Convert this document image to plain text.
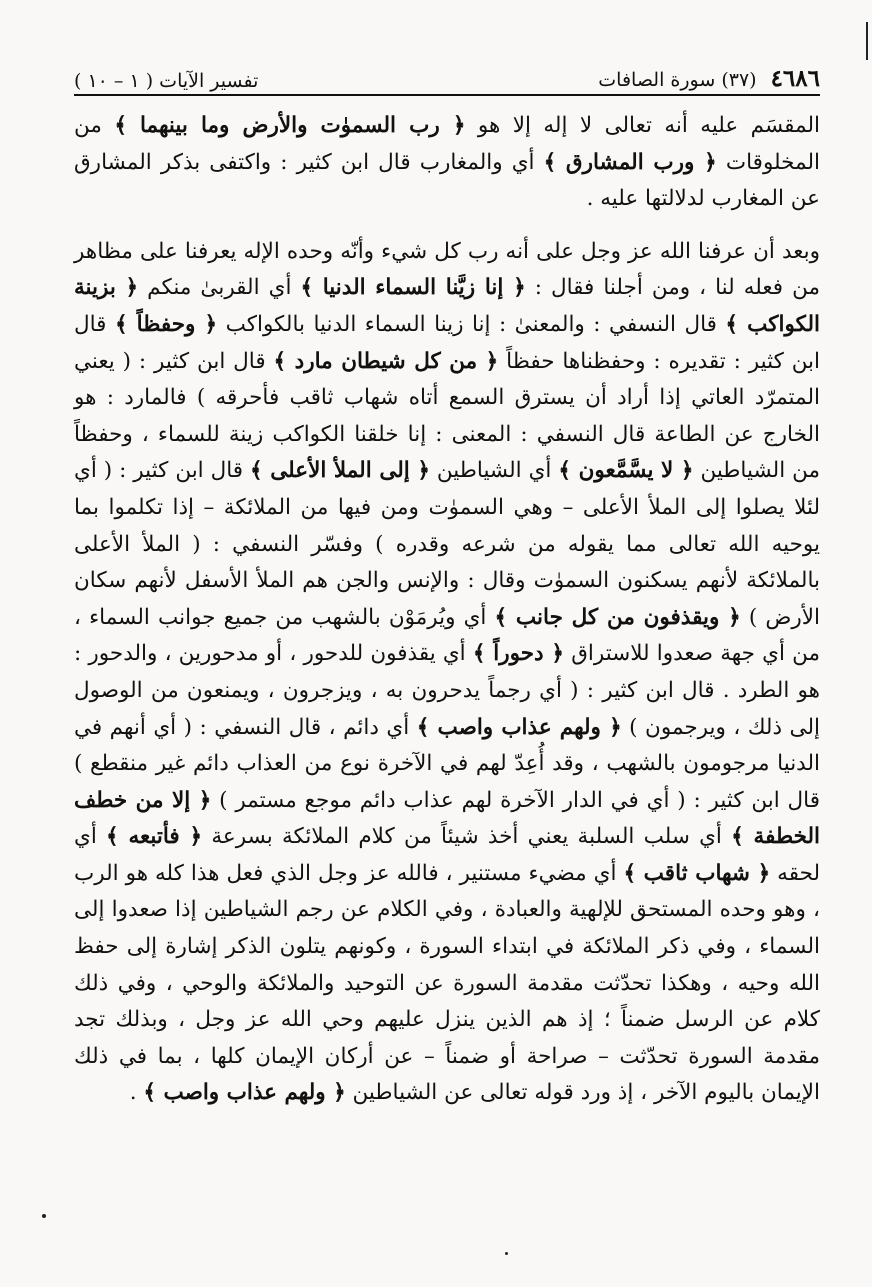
٤٦٨٦
(٣٧) سورة الصافات
تفسير الآيات ( ١ – ١٠ )

المقسَم عليه أنه تعالى لا إله إلا هو ﴿ رب السموٰت والأرض وما بينهما ﴾ من المخلوقات ﴿ ورب المشارق ﴾ أي والمغارب قال ابن كثير : واكتفى بذكر المشارق عن المغارب لدلالتها عليه .

وبعد أن عرفنا الله عز وجل على أنه رب كل شيء وأنّه وحده الإله يعرفنا على مظاهر من فعله لنا ، ومن أجلنا فقال : ﴿ إنا زيَّنا السماء الدنيا ﴾ أي القربىٰ منكم ﴿ بزينة الكواكب ﴾ قال النسفي : والمعنىٰ : إنا زينا السماء الدنيا بالكواكب ﴿ وحفظاً ﴾ قال ابن كثير : تقديره : وحفظناها حفظاً ﴿ من كل شيطان مارد ﴾ قال ابن كثير : ( يعني المتمرّد العاتي إذا أراد أن يسترق السمع أتاه شهاب ثاقب فأحرقه ) فالمارد : هو الخارج عن الطاعة قال النسفي : المعنى : إنا خلقنا الكواكب زينة للسماء ، وحفظاً من الشياطين ﴿ لا يسَّمَّعون ﴾ أي الشياطين ﴿ إلى الملأ الأعلى ﴾ قال ابن كثير : ( أي لئلا يصلوا إلى الملأ الأعلى – وهي السموٰت ومن فيها من الملائكة – إذا تكلموا بما يوحيه الله تعالى مما يقوله من شرعه وقدره ) وفسّر النسفي : ( الملأ الأعلى بالملائكة لأنهم يسكنون السموٰت وقال : والإنس والجن هم الملأ الأسفل لأنهم سكان الأرض ) ﴿ ويقذفون من كل جانب ﴾ أي ويُرمَوْن بالشهب من جميع جوانب السماء ، من أي جهة صعدوا للاستراق ﴿ دحوراً ﴾ أي يقذفون للدحور ، أو مدحورين ، والدحور : هو الطرد . قال ابن كثير : ( أي رجماً يدحرون به ، ويزجرون ، ويمنعون من الوصول إلى ذلك ، ويرجمون ) ﴿ ولهم عذاب واصب ﴾ أي دائم ، قال النسفي : ( أي أنهم في الدنيا مرجومون بالشهب ، وقد أُعِدّ لهم في الآخرة نوع من العذاب دائم غير منقطع ) قال ابن كثير : ( أي في الدار الآخرة لهم عذاب دائم موجع مستمر ) ﴿ إلا من خطف الخطفة ﴾ أي سلب السلبة يعني أخذ شيئاً من كلام الملائكة بسرعة ﴿ فأتبعه ﴾ أي لحقه ﴿ شهاب ثاقب ﴾ أي مضيء مستنير ، فالله عز وجل الذي فعل هذا كله هو الرب ، وهو وحده المستحق للإلهية والعبادة ، وفي الكلام عن رجم الشياطين إذا صعدوا إلى السماء ، وفي ذكر الملائكة في ابتداء السورة ، وكونهم يتلون الذكر إشارة إلى حفظ الله وحيه ، وهكذا تحدّثت مقدمة السورة عن التوحيد والملائكة والوحي ، وفي ذلك كلام عن الرسل ضمناً ؛ إذ هم الذين ينزل عليهم وحي الله عز وجل ، وبذلك تجد مقدمة السورة تحدّثت – صراحة أو ضمناً – عن أركان الإيمان كلها ، بما في ذلك الإيمان باليوم الآخر ، إذ ورد قوله تعالى عن الشياطين ﴿ ولهم عذاب واصب ﴾ .
